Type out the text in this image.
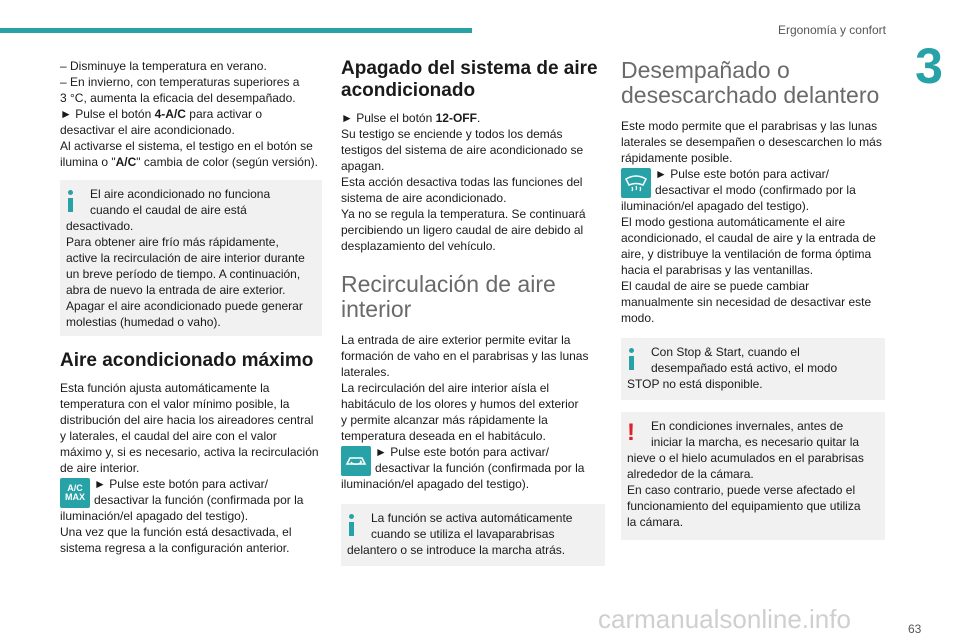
Ergonomía y confort
3

– Disminuye la temperatura en verano.

– En invierno, con temperaturas superiores a

3 °C, aumenta la eficacia del desempañado.

► Pulse el botón 4-A/C para activar o

desactivar el aire acondicionado.

Al activarse el sistema, el testigo en el botón se

ilumina o "A/C" cambia de color (según versión).

El aire acondicionado no funciona

cuando el caudal de aire está

desactivado.

Para obtener aire frío más rápidamente,

active la recirculación de aire interior durante

un breve período de tiempo. A continuación,

abra de nuevo la entrada de aire exterior.

Apagar el aire acondicionado puede generar

molestias (humedad o vaho).

Aire acondicionado máximo

Esta función ajusta automáticamente la

temperatura con el valor mínimo posible, la

distribución del aire hacia los aireadores central

y laterales, el caudal del aire con el valor

máximo y, si es necesario, activa la recirculación

de aire interior.

A/C
MAX

► Pulse este botón para activar/

desactivar la función (confirmada por la

iluminación/el apagado del testigo).

Una vez que la función está desactivada, el

sistema regresa a la configuración anterior.

Apagado del sistema de aire acondicionado

► Pulse el botón 12-OFF.

Su testigo se enciende y todos los demás

testigos del sistema de aire acondicionado se

apagan.

Esta acción desactiva todas las funciones del

sistema de aire acondicionado.

Ya no se regula la temperatura. Se continuará

percibiendo un ligero caudal de aire debido al

desplazamiento del vehículo.

Recirculación de aire interior

La entrada de aire exterior permite evitar la

formación de vaho en el parabrisas y las lunas

laterales.

La recirculación del aire interior aísla el

habitáculo de los olores y humos del exterior

y permite alcanzar más rápidamente la

temperatura deseada en el habitáculo.

► Pulse este botón para activar/

desactivar la función (confirmada por la

iluminación/el apagado del testigo).

La función se activa automáticamente

cuando se utiliza el lavaparabrisas

delantero o se introduce la marcha atrás.

Desempañado o desescarchado delantero

Este modo permite que el parabrisas y las lunas

laterales se desempañen o desescarchen lo más

rápidamente posible.

► Pulse este botón para activar/

desactivar el modo (confirmado por la

iluminación/el apagado del testigo).

El modo gestiona automáticamente el aire

acondicionado, el caudal de aire y la entrada de

aire, y distribuye la ventilación de forma óptima

hacia el parabrisas y las ventanillas.

El caudal de aire se puede cambiar

manualmente sin necesidad de desactivar este

modo.

Con Stop & Start, cuando el

desempañado está activo, el modo

STOP no está disponible.

!	En condiciones invernales, antes de

iniciar la marcha, es necesario quitar la

nieve o el hielo acumulados en el parabrisas

alrededor de la cámara.

En caso contrario, puede verse afectado el

funcionamiento del equipamiento que utiliza

la cámara.

carmanualsonline.info	63
